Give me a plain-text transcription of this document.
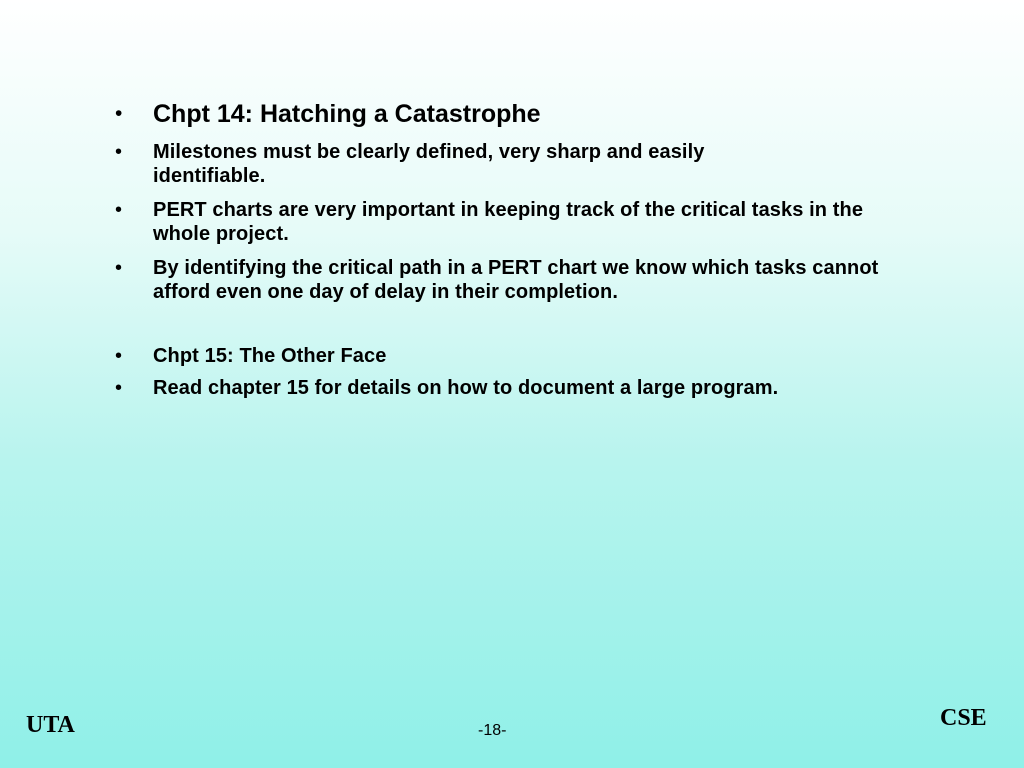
•	Chpt 14: Hatching a Catastrophe
•	Milestones must be clearly defined, very sharp and easily identifiable.
•	PERT charts are very important in keeping track of the critical tasks in the whole project.
•	By identifying the critical path in a PERT chart we know which tasks cannot afford even one day of delay in their completion.
•	Chpt 15: The Other Face
•	Read chapter 15 for details on how to document a large program.
UTA	-18-	CSE
